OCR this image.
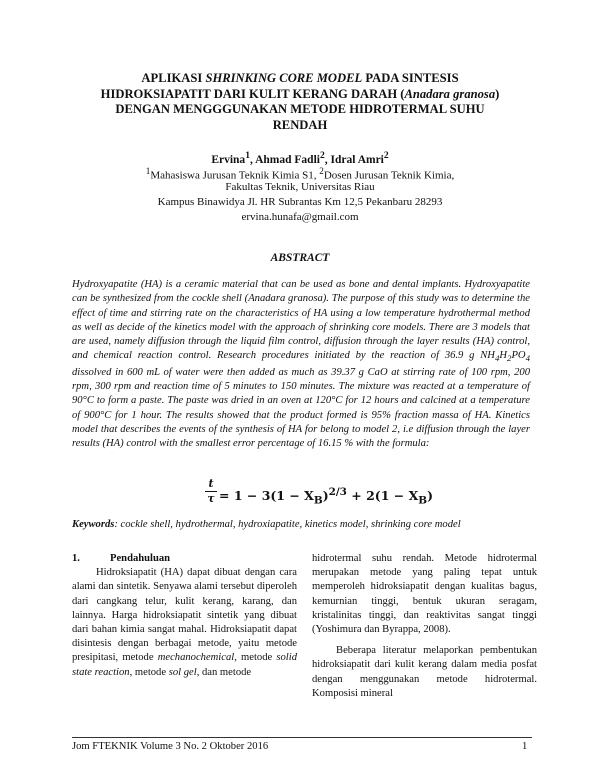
APLIKASI SHRINKING CORE MODEL PADA SINTESIS
HIDROKSIAPATIT DARI KULIT KERANG DARAH (Anadara granosa)
DENGAN MENGGGUNAKAN METODE HIDROTERMAL SUHU
RENDAH
Ervina$^1$, Ahmad Fadli$^2$, Idral Amri$^2$
$^1$Mahasiswa Jurusan Teknik Kimia S1, $^2$Dosen Jurusan Teknik Kimia,
Fakultas Teknik, Universitas Riau
Kampus Binawidya Jl. HR Subrantas Km 12,5 Pekanbaru 28293
ervina.hunafa@gmail.com
ABSTRACT

Hydroxyapatite (HA) is a ceramic material that can be used as bone and dental implants. Hydroxyapatite can be synthesized from the cockle shell (Anadara granosa). The purpose of this study was to determine the effect of time and stirring rate on the characteristics of HA using a low temperature hydrothermal method as well as decide of the kinetics model with the approach of shrinking core models. There are 3 models that are used, namely diffusion through the liquid film control, diffusion through the layer results (HA) control, and chemical reaction control. Research procedures initiated by the reaction of 36.9 g $NH_4H_2PO_4$ dissolved in 600 mL of water were then added as much as 39.37 g CaO at stirring rate of 100 rpm, 200 rpm, 300 rpm and reaction time of 5 minutes to 150 minutes. The mixture was reacted at a temperature of 90°C to form a paste. The paste was dried in an oven at 120°C for 12 hours and calcined at a temperature of 900°C for 1 hour. The results showed that the product formed is 95% fraction massa of HA. Kinetics model that describes the events of the synthesis of HA for belong to model 2, i.e diffusion through the layer results (HA) control with the smallest error percentage of 16.15 % with the formula:

t
$\tau = 1 - 3(1 - X_B)^{2/3} + 2(1 - X_B)$
Keywords: cockle shell, hydrothermal, hydroxiapatite, kinetics model, shrinking core model
1.	Pendahuluan

Hidroksiapatit (HA) dapat dibuat dengan cara alami dan sintetik. Senyawa alami tersebut diperoleh dari cangkang telur, kulit kerang, karang, dan lainnya. Harga hidroksiapatit sintetik yang dibuat dari bahan kimia sangat mahal. Hidroksiapatit dapat disintesis dengan berbagai metode, yaitu metode presipitasi, metode mechanochemical, metode solid state reaction, metode sol gel, dan metode

hidrotermal suhu rendah. Metode hidrotermal merupakan metode yang paling tepat untuk memperoleh hidroksiapatit dengan kualitas bagus, kemurnian tinggi, bentuk ukuran seragam, kristalinitas tinggi, dan reaktivitas sangat tinggi (Yoshimura dan Byrappa, 2008).

Beberapa literatur melaporkan pembentukan hidroksiapatit dari kulit kerang dalam media posfat dengan menggunakan metode hidrotermal. Komposisi mineral

Jom FTEKNIK Volume 3 No. 2 Oktober 2016	1
